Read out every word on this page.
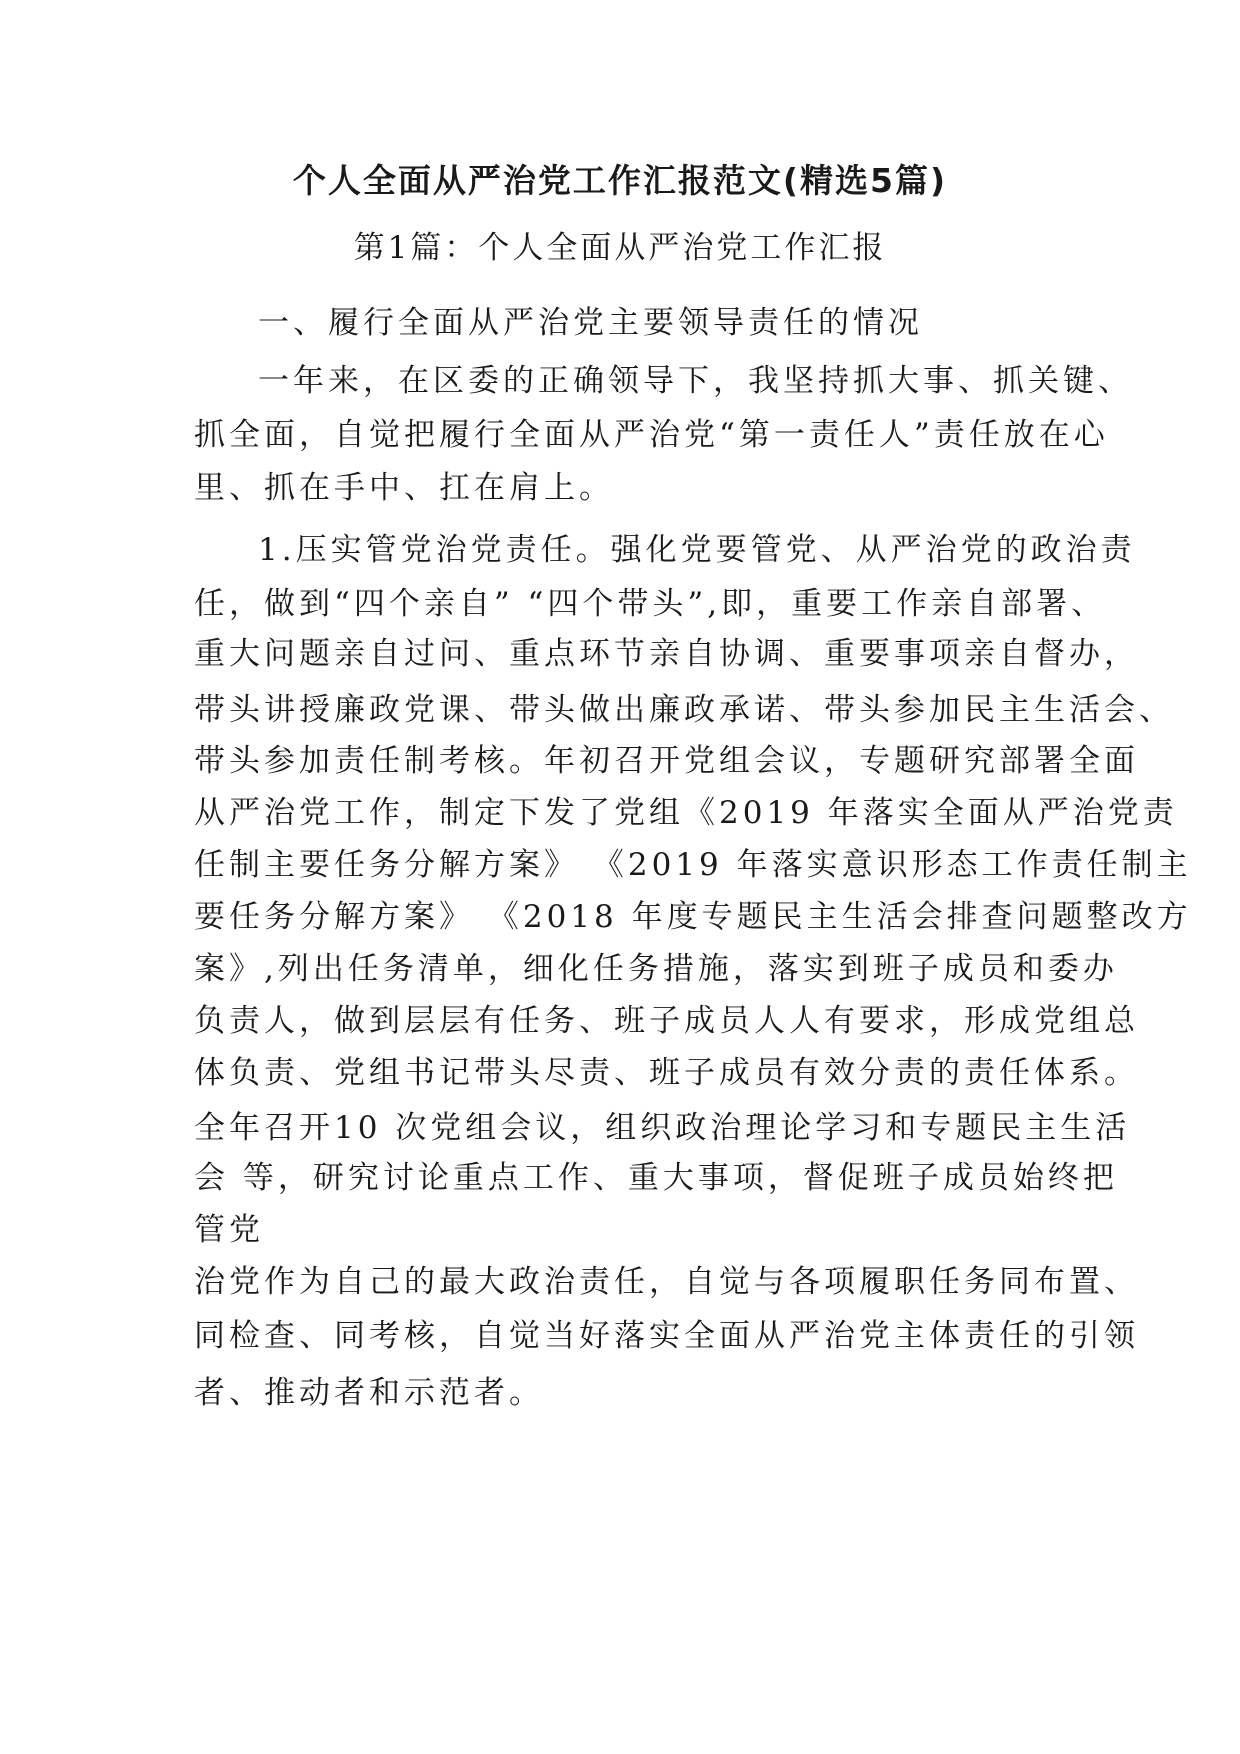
个人全面从严治党工作汇报范文(精选5篇)
第1篇：个人全面从严治党工作汇报
一、履行全面从严治党主要领导责任的情况
一年来，在区委的正确领导下，我坚持抓大事、抓关键、
抓全面，自觉把履行全面从严治党“第一责任人”责任放在心
里、抓在手中、扛在肩上。
1.压实管党治党责任。强化党要管党、从严治党的政治责
任，做到“四个亲自” “四个带头”,即，重要工作亲自部署、
重大问题亲自过问、重点环节亲自协调、重要事项亲自督办，
带头讲授廉政党课、带头做出廉政承诺、带头参加民主生活会、
带头参加责任制考核。年初召开党组会议，专题研究部署全面
从严治党工作，制定下发了党组《2019 年落实全面从严治党责
任制主要任务分解方案》 《2019 年落实意识形态工作责任制主
要任务分解方案》 《2018 年度专题民主生活会排查问题整改方
案》,列出任务清单，细化任务措施，落实到班子成员和委办
负责人，做到层层有任务、班子成员人人有要求，形成党组总
体负责、党组书记带头尽责、班子成员有效分责的责任体系。
全年召开10 次党组会议，组织政治理论学习和专题民主生活
会 等，研究讨论重点工作、重大事项，督促班子成员始终把
管党
治党作为自己的最大政治责任，自觉与各项履职任务同布置、
同检查、同考核，自觉当好落实全面从严治党主体责任的引领
者、推动者和示范者。
